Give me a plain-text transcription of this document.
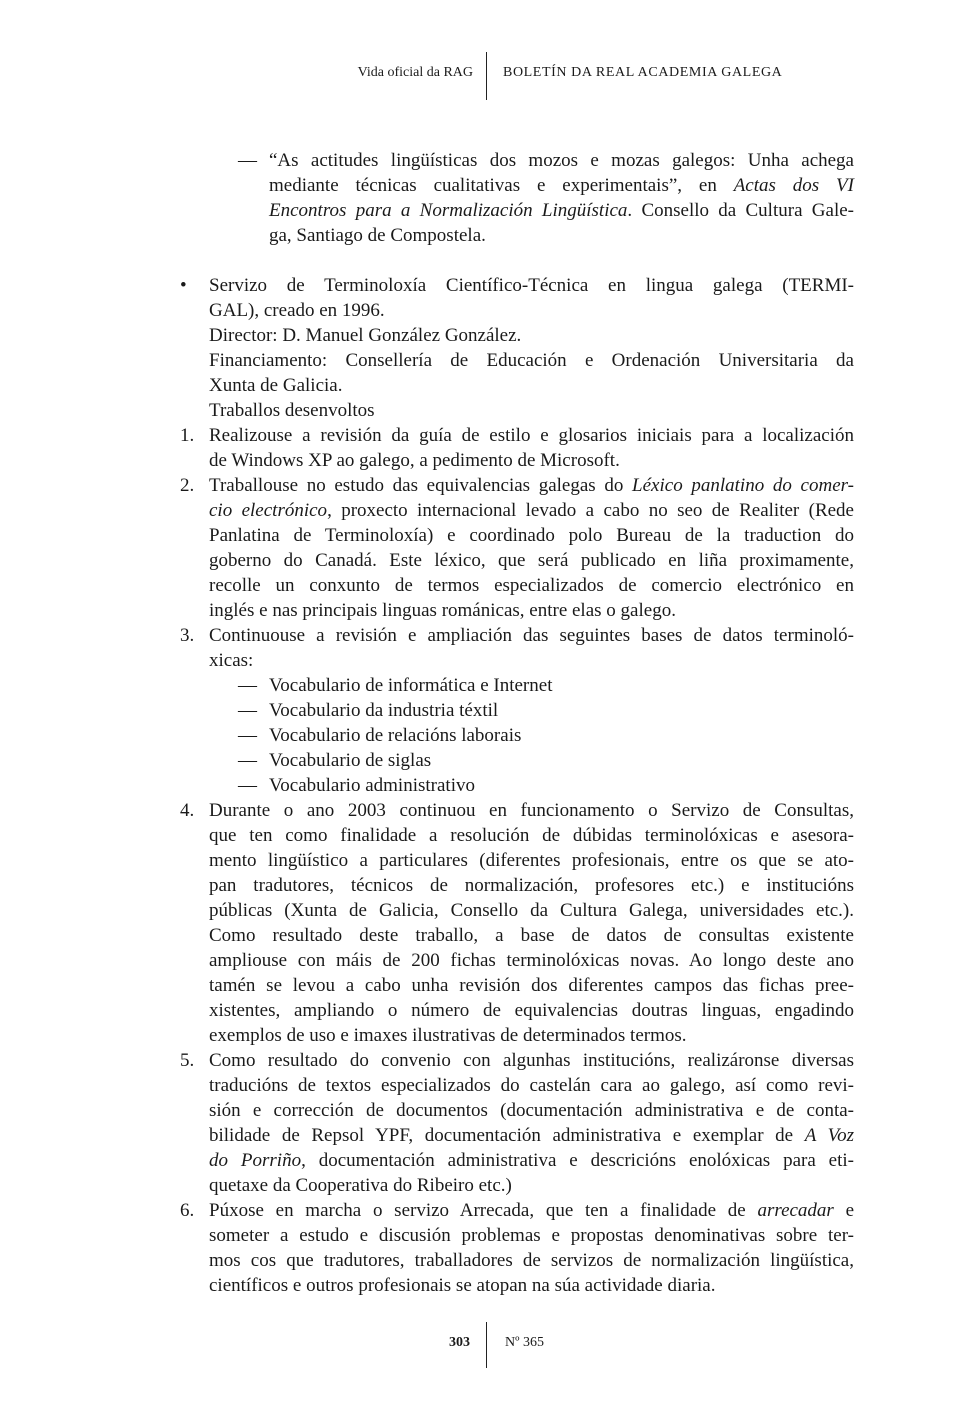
Vida oficial da RAG BOLETÍN DA REAL ACADEMIA GALEGA
— “As actitudes lingüísticas dos mozos e mozas galegos: Unha achega
mediante técnicas cualitativas e experimentais”, en Actas dos VI
Encontros para a Normalización Lingüística. Consello da Cultura Gale-
ga, Santiago de Compostela.
• Servizo de Terminoloxía Científico-Técnica en lingua galega (TERMI-
GAL), creado en 1996.
Director: D. Manuel González González.
Financiamento: Consellería de Educación e Ordenación Universitaria da
Xunta de Galicia.
Traballos desenvoltos
1. Realizouse a revisión da guía de estilo e glosarios iniciais para a localización
de Windows XP ao galego, a pedimento de Microsoft.
2. Traballouse no estudo das equivalencias galegas do Léxico panlatino do comer-
cio electrónico, proxecto internacional levado a cabo no seo de Realiter (Rede
Panlatina de Terminoloxía) e coordinado polo Bureau de la traduction do
goberno do Canadá. Este léxico, que será publicado en liña proximamente,
recolle un conxunto de termos especializados de comercio electrónico en
inglés e nas principais linguas románicas, entre elas o galego.
3. Continuouse a revisión e ampliación das seguintes bases de datos terminoló-
xicas:
— Vocabulario de informática e Internet
— Vocabulario da industria téxtil
— Vocabulario de relacións laborais
— Vocabulario de siglas
— Vocabulario administrativo
4. Durante o ano 2003 continuou en funcionamento o Servizo de Consultas,
que ten como finalidade a resolución de dúbidas terminolóxicas e asesora-
mento lingüístico a particulares (diferentes profesionais, entre os que se ato-
pan tradutores, técnicos de normalización, profesores etc.) e institucións
públicas (Xunta de Galicia, Consello da Cultura Galega, universidades etc.).
Como resultado deste traballo, a base de datos de consultas existente
ampliouse con máis de 200 fichas terminolóxicas novas. Ao longo deste ano
tamén se levou a cabo unha revisión dos diferentes campos das fichas pree-
xistentes, ampliando o número de equivalencias doutras linguas, engadindo
exemplos de uso e imaxes ilustrativas de determinados termos.
5. Como resultado do convenio con algunhas institucións, realizáronse diversas
traducións de textos especializados do castelán cara ao galego, así como revi-
sión e corrección de documentos (documentación administrativa e de conta-
bilidade de Repsol YPF, documentación administrativa e exemplar de A Voz
do Porriño, documentación administrativa e descricións enolóxicas para eti-
quetaxe da Cooperativa do Ribeiro etc.)
6. Púxose en marcha o servizo Arrecada, que ten a finalidade de arrecadar e
someter a estudo e discusión problemas e propostas denominativas sobre ter-
mos cos que tradutores, traballadores de servizos de normalización lingüística,
científicos e outros profesionais se atopan na súa actividade diaria.
303	Nº 365
